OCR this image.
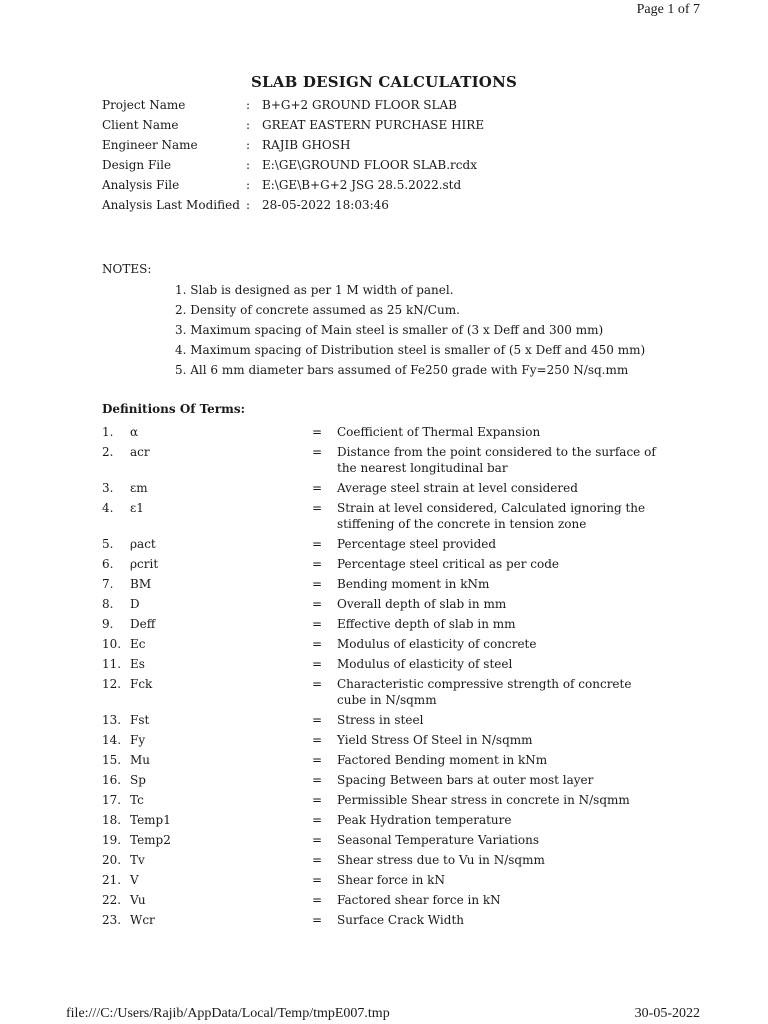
Page 1 of 7
SLAB DESIGN CALCULATIONS
Project Name	: B+G+2 GROUND FLOOR SLAB
Client Name	: GREAT EASTERN PURCHASE HIRE
Engineer Name	: RAJIB GHOSH
Design File	: E:\GE\GROUND FLOOR SLAB.rcdx
Analysis File	: E:\GE\B+G+2 JSG 28.5.2022.std
Analysis Last Modified : 28-05-2022 18:03:46
NOTES:
1. Slab is designed as per 1 M width of panel.
2. Density of concrete assumed as 25 kN/Cum.
3. Maximum spacing of Main steel is smaller of (3 x Deff and 300 mm)
4. Maximum spacing of Distribution steel is smaller of (5 x Deff and 450 mm)
5. All 6 mm diameter bars assumed of Fe250 grade with Fy=250 N/sq.mm
Definitions Of Terms:
1.	α	=	Coefficient of Thermal Expansion
2.	acr	=	Distance from the point considered to the surface of the nearest longitudinal bar
3.	εm	=	Average steel strain at level considered
4.	ε1	=	Strain at level considered, Calculated ignoring the stiffening of the concrete in tension zone
5.	ρact	=	Percentage steel provided
6.	ρcrit	=	Percentage steel critical as per code
7.	BM	=	Bending moment in kNm
8.	D	=	Overall depth of slab in mm
9.	Deff	=	Effective depth of slab in mm
10. Ec	=	Modulus of elasticity of concrete
11. Es	=	Modulus of elasticity of steel
12. Fck	=	Characteristic compressive strength of concrete cube in N/sqmm
13. Fst	=	Stress in steel
14. Fy	=	Yield Stress Of Steel in N/sqmm
15. Mu	=	Factored Bending moment in kNm
16. Sp	=	Spacing Between bars at outer most layer
17. Tc	=	Permissible Shear stress in concrete in N/sqmm
18. Temp1	=	Peak Hydration temperature
19. Temp2	=	Seasonal Temperature Variations
20. Tv	=	Shear stress due to Vu in N/sqmm
21. V	=	Shear force in kN
22. Vu	=	Factored shear force in kN
23. Wcr	=	Surface Crack Width
file:///C:/Users/Rajib/AppData/Local/Temp/tmpE007.tmp	30-05-2022
